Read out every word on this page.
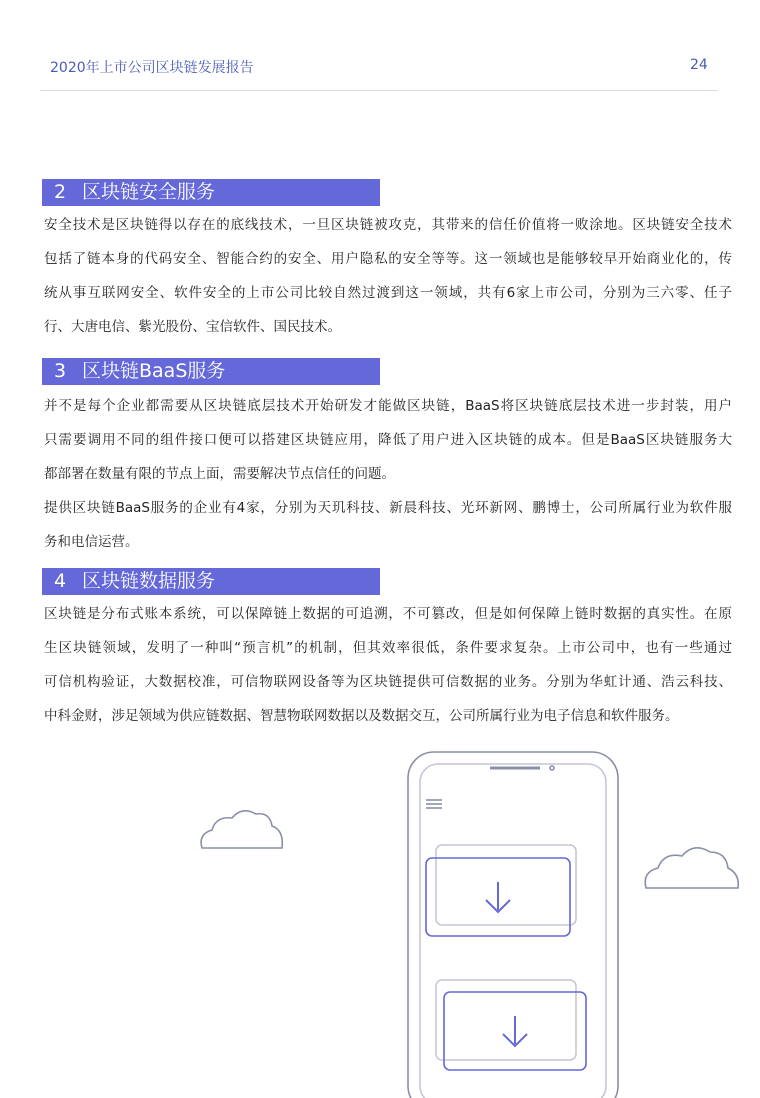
2020年上市公司区块链发展报告	24
2 区块链安全服务
安全技术是区块链得以存在的底线技术，一旦区块链被攻克，其带来的信任价值将一败涂地。区块链安全技术
包括了链本身的代码安全、智能合约的安全、用户隐私的安全等等。这一领域也是能够较早开始商业化的，传
统从事互联网安全、软件安全的上市公司比较自然过渡到这一领域，共有6家上市公司，分别为三六零、任子
行、大唐电信、紫光股份、宝信软件、国民技术。
3 区块链BaaS服务
并不是每个企业都需要从区块链底层技术开始研发才能做区块链，BaaS将区块链底层技术进一步封装，用户
只需要调用不同的组件接口便可以搭建区块链应用，降低了用户进入区块链的成本。但是BaaS区块链服务大
都部署在数量有限的节点上面，需要解决节点信任的问题。
提供区块链BaaS服务的企业有4家，分别为天玑科技、新晨科技、光环新网、鹏博士，公司所属行业为软件服
务和电信运营。
4 区块链数据服务
区块链是分布式账本系统，可以保障链上数据的可追溯，不可篡改，但是如何保障上链时数据的真实性。在原
生区块链领域，发明了一种叫“预言机”的机制，但其效率很低，条件要求复杂。上市公司中，也有一些通过
可信机构验证，大数据校准，可信物联网设备等为区块链提供可信数据的业务。分别为华虹计通、浩云科技、
中科金财，涉足领域为供应链数据、智慧物联网数据以及数据交互，公司所属行业为电子信息和软件服务。
